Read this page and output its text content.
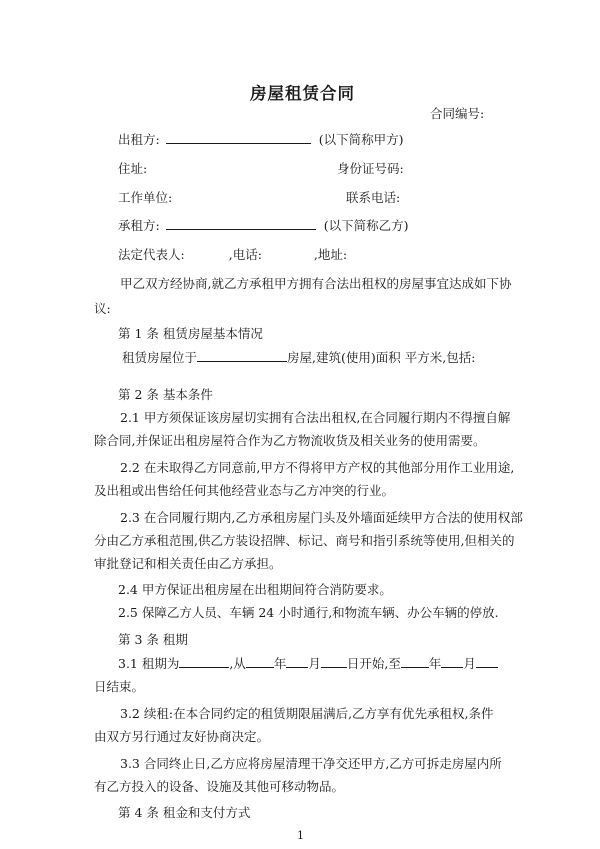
房屋租赁合同
合同编号:
出租方:	(以下简称甲方)
住址:	身份证号码:
工作单位:	联系电话:
承租方:	(以下简称乙方)
法定代表人:	,电话:	,地址:
甲乙双方经协商,就乙方承租甲方拥有合法出租权的房屋事宜达成如下协
议:
第 1 条 租赁房屋基本情况
租赁房屋位于	房屋,建筑(使用)面积 平方米,包括:
第 2 条 基本条件
2.1 甲方须保证该房屋切实拥有合法出租权,在合同履行期内不得擅自解
除合同,并保证出租房屋符合作为乙方物流收货及相关业务的使用需要。
2.2 在未取得乙方同意前,甲方不得将甲方产权的其他部分用作工业用途,
及出租或出售给任何其他经营业态与乙方冲突的行业。
2.3 在合同履行期内,乙方承租房屋门头及外墙面延续甲方合法的使用权部
分由乙方承租范围,供乙方装设招牌、标记、商号和指引系统等使用,但相关的
审批登记和相关责任由乙方承担。
2.4 甲方保证出租房屋在出租期间符合消防要求。
2.5 保障乙方人员、车辆 24 小时通行,和物流车辆、办公车辆的停放.
第 3 条 租期
3.1 租期为	,从 年 月 日开始,至 年 月
日结束。
3.2 续租:在本合同约定的租赁期限届满后,乙方享有优先承租权,条件
由双方另行通过友好协商决定。
3.3 合同终止日,乙方应将房屋清理干净交还甲方,乙方可拆走房屋内所
有乙方投入的设备、设施及其他可移动物品。
第 4 条 租金和支付方式
1
